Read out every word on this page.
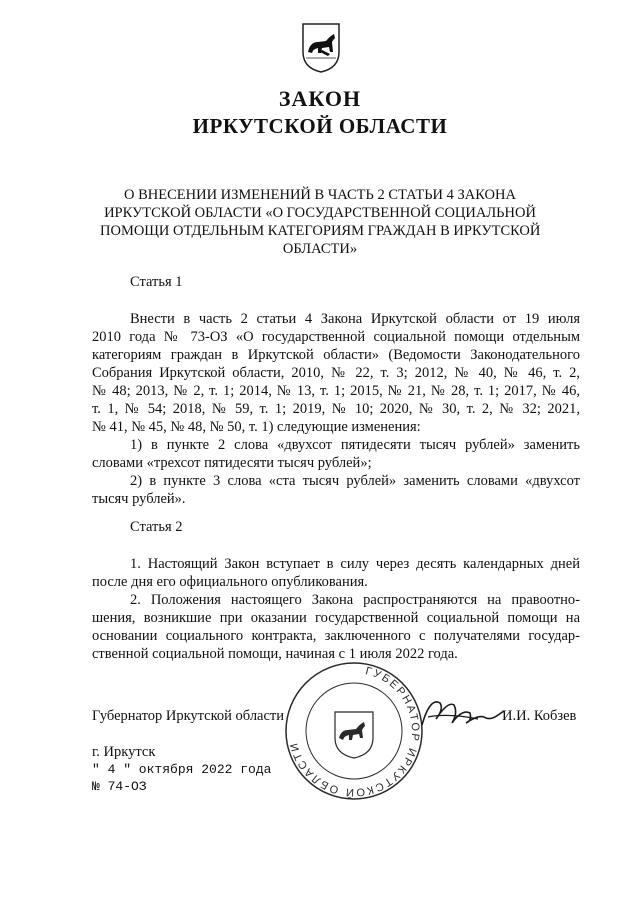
ЗАКОН
ИРКУТСКОЙ ОБЛАСТИ
О ВНЕСЕНИИ ИЗМЕНЕНИЙ В ЧАСТЬ 2 СТАТЬИ 4 ЗАКОНА
ИРКУТСКОЙ ОБЛАСТИ «О ГОСУДАРСТВЕННОЙ СОЦИАЛЬНОЙ
ПОМОЩИ ОТДЕЛЬНЫМ КАТЕГОРИЯМ ГРАЖДАН В ИРКУТСКОЙ
ОБЛАСТИ»
Статья 1
Внести в часть 2 статьи 4 Закона Иркутской области от 19 июля
2010 года № 73-ОЗ «О государственной социальной помощи отдельным
категориям граждан в Иркутской области» (Ведомости Законодательного
Собрания Иркутской области, 2010, № 22, т. 3; 2012, № 40, № 46, т. 2,
№ 48; 2013, № 2, т. 1; 2014, № 13, т. 1; 2015, № 21, № 28, т. 1; 2017, № 46,
т. 1, № 54; 2018, № 59, т. 1; 2019, № 10; 2020, № 30, т. 2, № 32; 2021,
№ 41, № 45, № 48, № 50, т. 1) следующие изменения:
1) в пункте 2 слова «двухсот пятидесяти тысяч рублей» заменить
словами «трехсот пятидесяти тысяч рублей»;
2) в пункте 3 слова «ста тысяч рублей» заменить словами «двухсот
тысяч рублей».
Статья 2
1. Настоящий Закон вступает в силу через десять календарных дней
после дня его официального опубликования.
2. Положения настоящего Закона распространяются на правоотно-
шения, возникшие при оказании государственной социальной помощи на
основании социального контракта, заключенного с получателями государ-
ственной социальной помощи, начиная с 1 июля 2022 года.
ГУБЕРНАТОР ИРКУТСКОЙ ОБЛАСТИ
Губернатор Иркутской области	И.И. Кобзев
г. Иркутск
" 4 " октября 2022 года
№ 74-ОЗ
